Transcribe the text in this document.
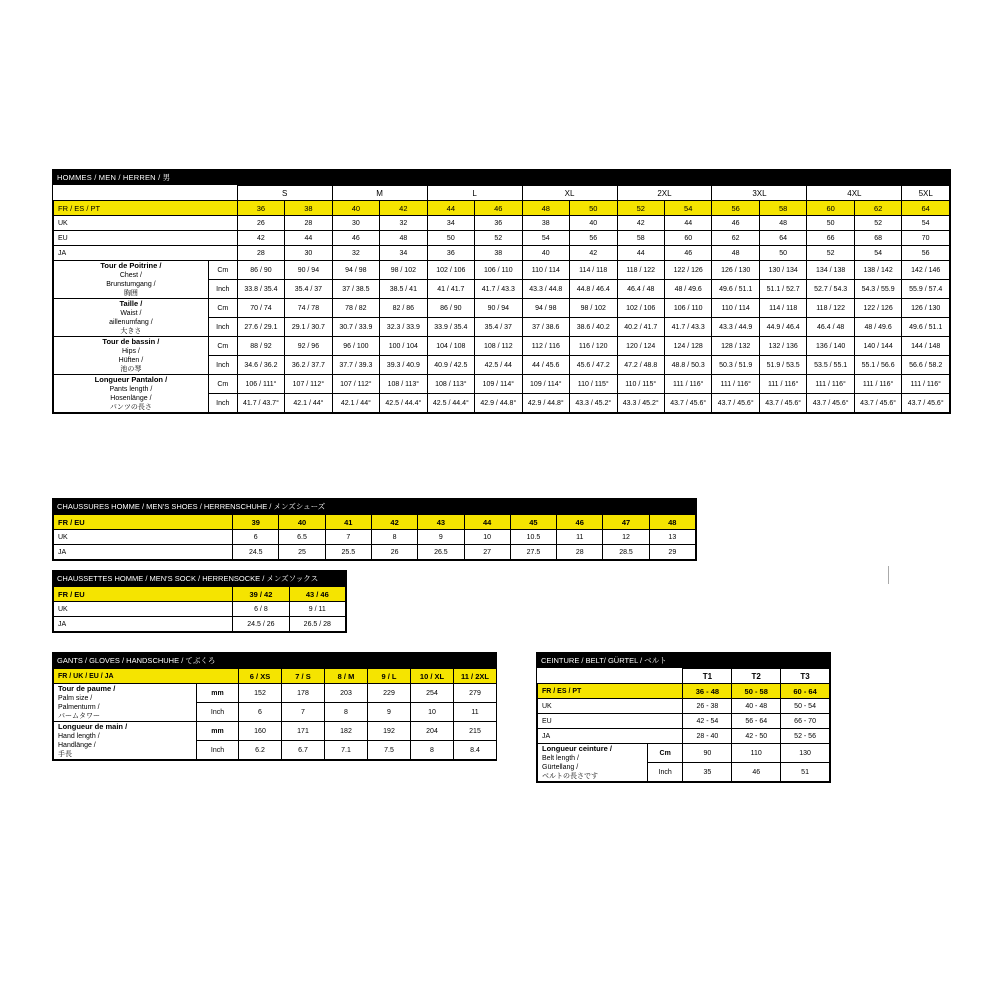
HOMMES / MEN / HERREN / 男
		S		M		L		XL		2XL		3XL		4XL		5XL
FR / ES / PT		36	38	40	42	44	46	48	50	52	54	56	58	60	62	64
UK		26	28	30	32	34	36	38	40	42	44	46	48	50	52	54
EU		42	44	46	48	50	52	54	56	58	60	62	64	66	68	70
JA		28	30	32	34	36	38	40	42	44	46	48	50	52	54	56
Tour de Poitrine /
Chest /
Brunstumgang /
胸囲	Cm	86 / 90	90 / 94	94 / 98	98 / 102	102 / 106	106 / 110	110 / 114	114 / 118	118 / 122	122 / 126	126 / 130	130 / 134	134 / 138	138 / 142	142 / 146
	Inch	33.8 / 35.4	35.4 / 37	37 / 38.5	38.5 / 41	41 / 41.7	41.7 / 43.3	43.3 / 44.8	44.8 / 46.4	46.4 / 48	48 / 49.6	49.6 / 51.1	51.1 / 52.7	52.7 / 54.3	54.3 / 55.9	55.9 / 57.4
Taille /
Waist /
aillenumfang /
大きさ	Cm	70 / 74	74 / 78	78 / 82	82 / 86	86 / 90	90 / 94	94 / 98	98 / 102	102 / 106	106 / 110	110 / 114	114 / 118	118 / 122	122 / 126	126 / 130
	Inch	27.6 / 29.1	29.1 / 30.7	30.7 / 33.9	32.3 / 33.9	33.9 / 35.4	35.4 / 37	37 / 38.6	38.6 / 40.2	40.2 / 41.7	41.7 / 43.3	43.3 / 44.9	44.9 / 46.4	46.4 / 48	48 / 49.6	49.6 / 51.1
Tour de bassin /
Hips /
Hüften /
池の琴	Cm	88 / 92	92 / 96	96 / 100	100 / 104	104 / 108	108 / 112	112 / 116	116 / 120	120 / 124	124 / 128	128 / 132	132 / 136	136 / 140	140 / 144	144 / 148
	Inch	34.6 / 36.2	36.2 / 37.7	37.7 / 39.3	39.3 / 40.9	40.9 / 42.5	42.5 / 44	44 / 45.6	45.6 / 47.2	47.2 / 48.8	48.8 / 50.3	50.3 / 51.9	51.9 / 53.5	53.5 / 55.1	55.1 / 56.6	56.6 / 58.2
Longueur Pantalon /
Pants length /
Hosenlänge /
パンツの長さ	Cm	106 / 111°	107 / 112°	107 / 112°	108 / 113°	108 / 113°	109 / 114°	109 / 114°	110 / 115°	110 / 115°	111 / 116°	111 / 116°	111 / 116°	111 / 116°	111 / 116°	111 / 116°
	Inch	41.7 / 43.7°	42.1 / 44°	42.1 / 44°	42.5 / 44.4°	42.5 / 44.4°	42.9 / 44.8°	42.9 / 44.8°	43.3 / 45.2°	43.3 / 45.2°	43.7 / 45.6°	43.7 / 45.6°	43.7 / 45.6°	43.7 / 45.6°	43.7 / 45.6°	43.7 / 45.6°
CHAUSSURES HOMME / MEN'S SHOES / HERRENSCHUHE / メンズシューズ
FR / EU	39	40	41	42	43	44	45	46	47	48
UK	6	6.5	7	8	9	10	10.5	11	12	13
JA	24.5	25	25.5	26	26.5	27	27.5	28	28.5	29
CHAUSSETTES HOMME / MEN'S SOCK / HERRENSOCKE / メンズソックス
FR / EU	39 / 42	43 / 46
UK	6 / 8	9 / 11
JA	24.5 / 26	26.5 / 28
GANTS / GLOVES / HANDSCHUHE / てぶくろ
FR / UK / EU / JA		6 / XS	7 / S	8 / M	9 / L	10 / XL	11 / 2XL
Tour de paume /
Palm size /
Palmenturm /
パームタワー	mm	152	178	203	229	254	279
	Inch	6	7	8	9	10	11
Longueur de main /
Hand length /
Handlänge /
手長	mm	160	171	182	192	204	215
	Inch	6.2	6.7	7.1	7.5	8	8.4
CEINTURE / BELT/ GÜRTEL / ベルト
		T1	T2	T3
FR / ES / PT		36 - 48	50 - 58	60 - 64
UK		26 - 38	40 - 48	50 - 54
EU		42 - 54	56 - 64	66 - 70
JA		28 - 40	42 - 50	52 - 56
Longueur ceinture /
Belt length /
Gürtellang /
ベルトの長さです	Cm	90	110	130
	Inch	35	46	51
